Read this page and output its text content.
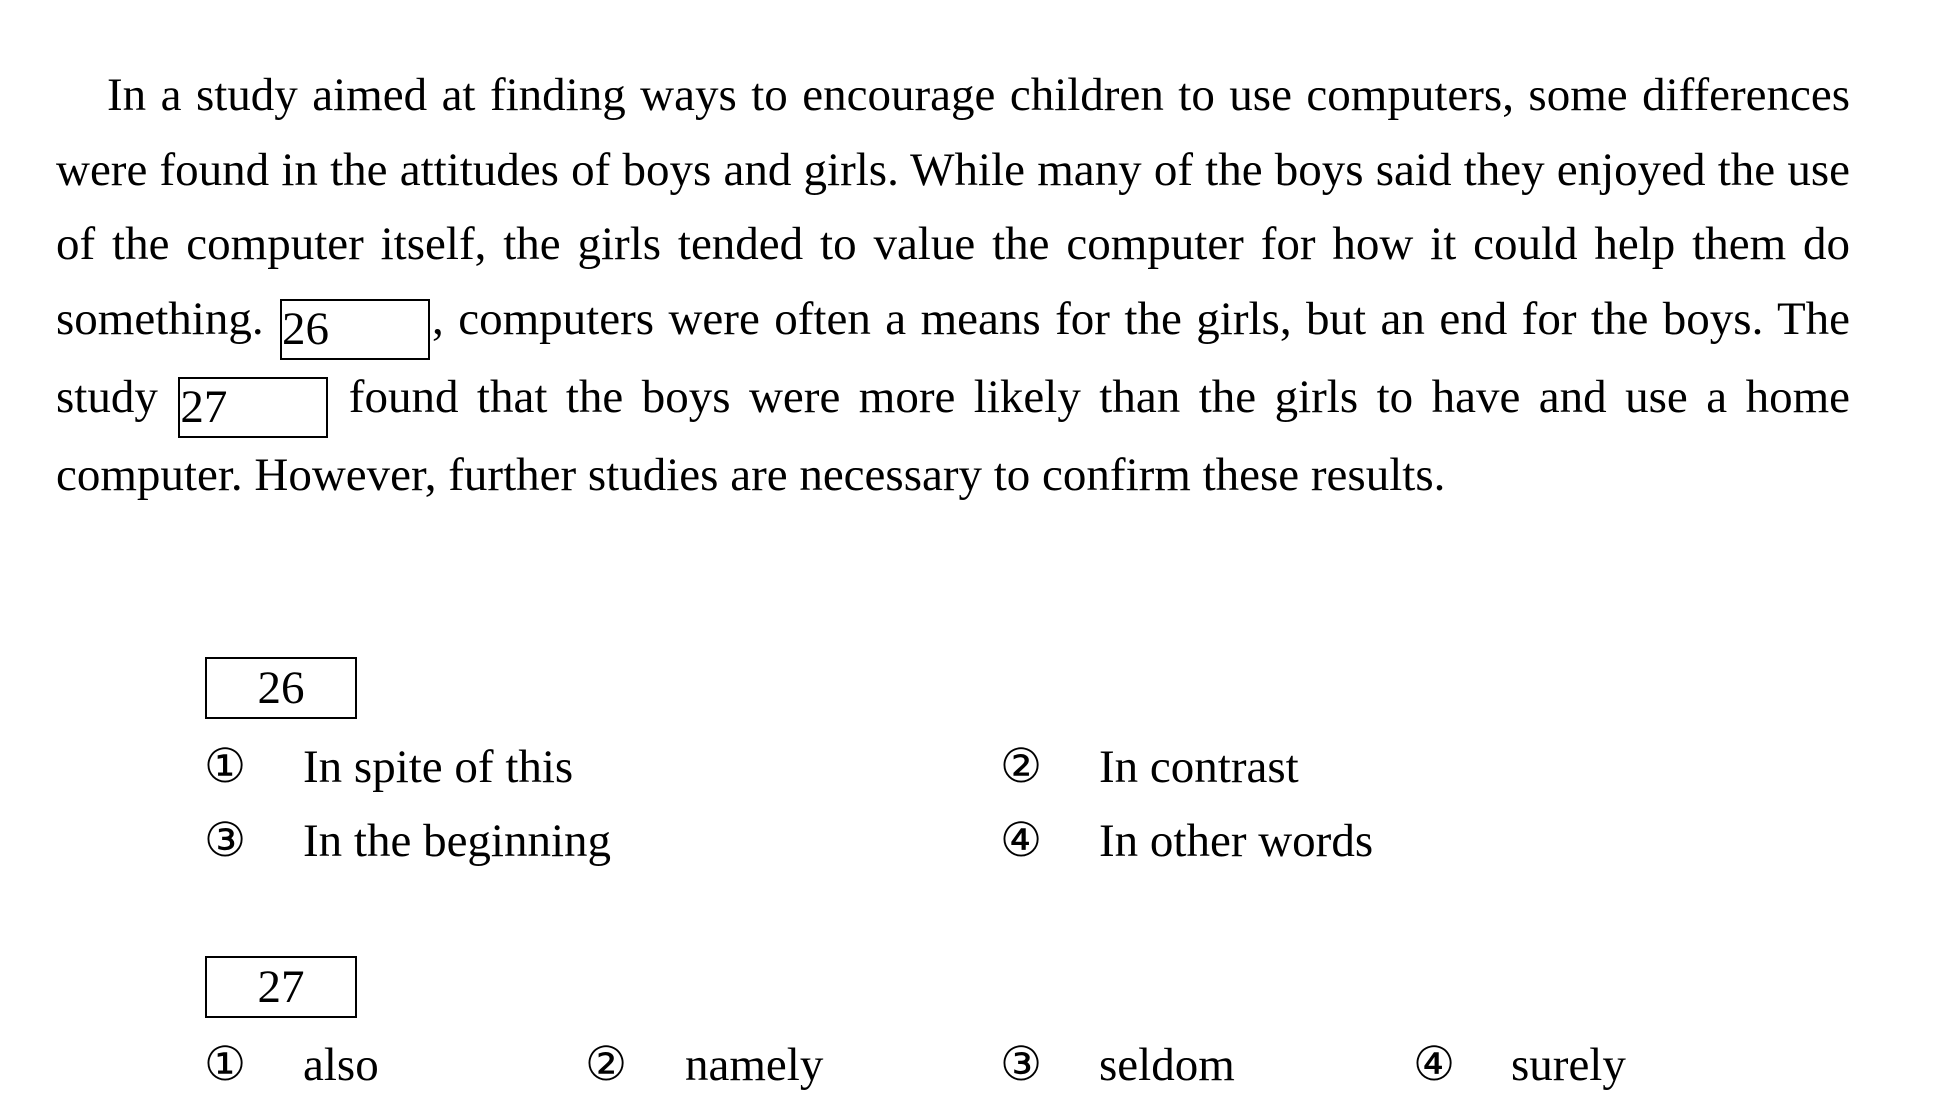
In a study aimed at finding ways to encourage children to use computers, some differences were found in the attitudes of boys and girls. While many of the boys said they enjoyed the use of the computer itself, the girls tended to value the computer for how it could help them do something. 26 , computers were often a means for the girls, but an end for the boys. The study 27	found that the boys were more likely than the girls to have and use a home computer. However, further studies are necessary to confirm these results.

26
① In spite of this	② In contrast
③ In the beginning	④ In other words
27
① also	② namely	③ seldom	④ surely
